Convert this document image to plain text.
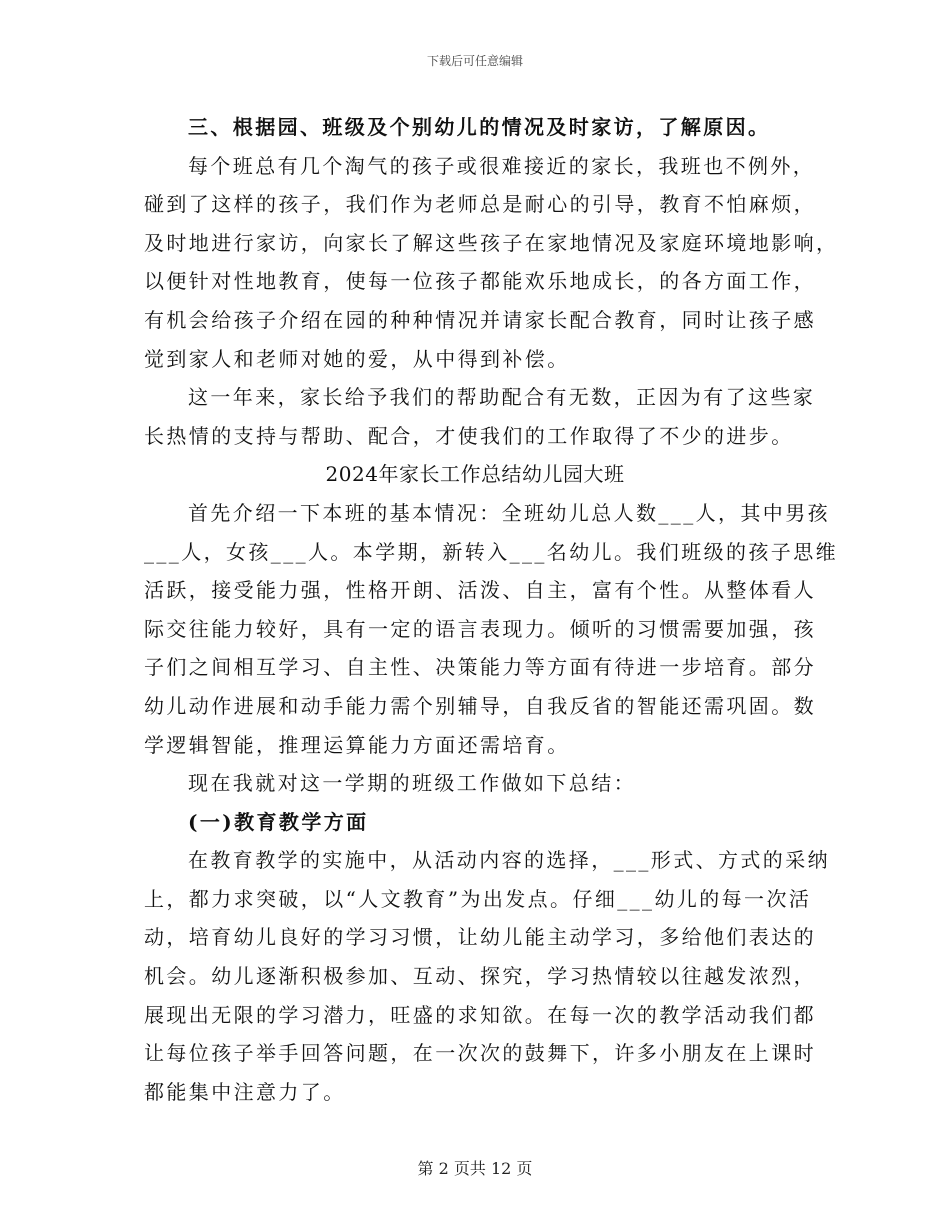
下载后可任意编辑
三、根据园、班级及个别幼儿的情况及时家访，了解原因。
每个班总有几个淘气的孩子或很难接近的家长，我班也不例外，
碰到了这样的孩子，我们作为老师总是耐心的引导，教育不怕麻烦，
及时地进行家访，向家长了解这些孩子在家地情况及家庭环境地影响，
以便针对性地教育，使每一位孩子都能欢乐地成长，的各方面工作，
有机会给孩子介绍在园的种种情况并请家长配合教育，同时让孩子感
觉到家人和老师对她的爱，从中得到补偿。
这一年来，家长给予我们的帮助配合有无数，正因为有了这些家
长热情的支持与帮助、配合，才使我们的工作取得了不少的进步。
2024年家长工作总结幼儿园大班
首先介绍一下本班的基本情况：全班幼儿总人数___人，其中男孩
___人，女孩___人。本学期，新转入___名幼儿。我们班级的孩子思维
活跃，接受能力强，性格开朗、活泼、自主，富有个性。从整体看人
际交往能力较好，具有一定的语言表现力。倾听的习惯需要加强，孩
子们之间相互学习、自主性、决策能力等方面有待进一步培育。部分
幼儿动作进展和动手能力需个别辅导，自我反省的智能还需巩固。数
学逻辑智能，推理运算能力方面还需培育。
现在我就对这一学期的班级工作做如下总结：
(一)教育教学方面
在教育教学的实施中，从活动内容的选择，___形式、方式的采纳
上，都力求突破，以“人文教育”为出发点。仔细___幼儿的每一次活
动，培育幼儿良好的学习习惯，让幼儿能主动学习，多给他们表达的
机会。幼儿逐渐积极参加、互动、探究，学习热情较以往越发浓烈，
展现出无限的学习潜力，旺盛的求知欲。在每一次的教学活动我们都
让每位孩子举手回答问题，在一次次的鼓舞下，许多小朋友在上课时
都能集中注意力了。
第 2 页共 12 页
